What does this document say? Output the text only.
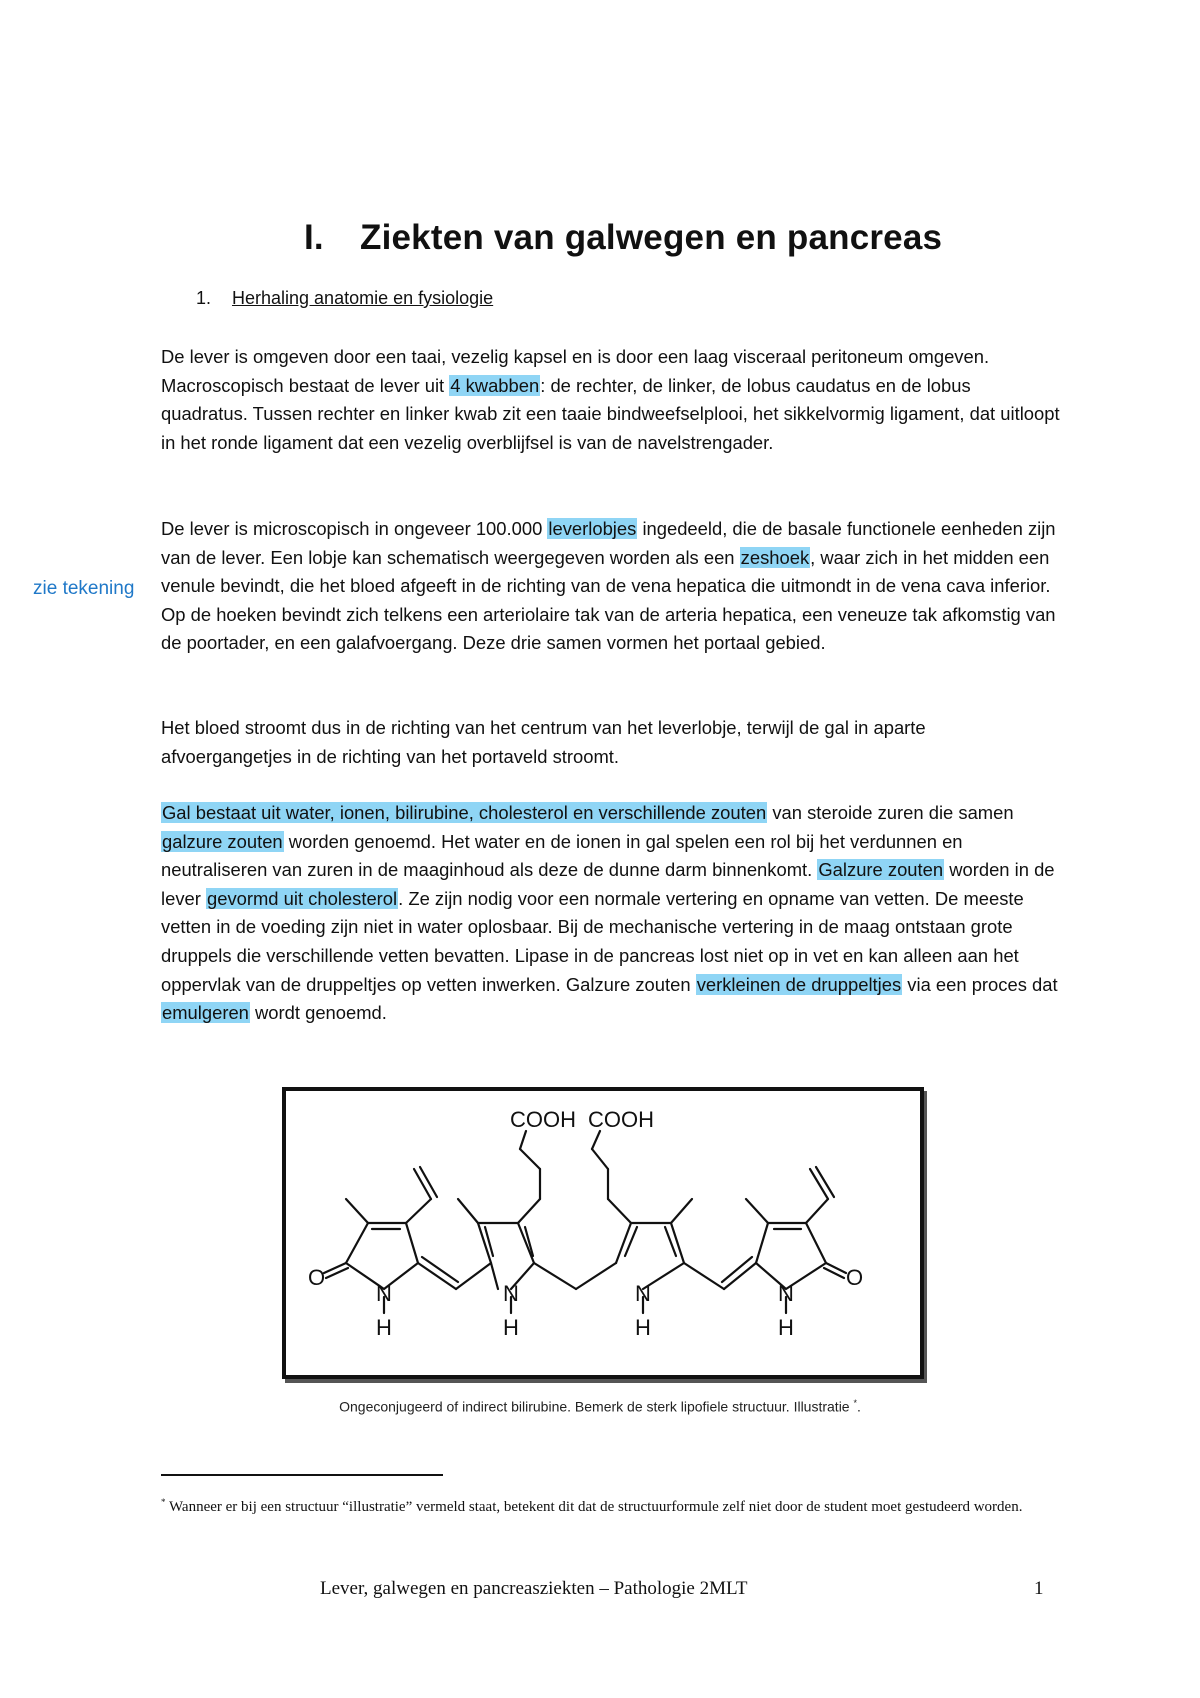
I. Ziekten van galwegen en pancreas
1. Herhaling anatomie en fysiologie
zie tekening

De lever is omgeven door een taai, vezelig kapsel en is door een laag visceraal peritoneum omgeven. Macroscopisch bestaat de lever uit 4 kwabben: de rechter, de linker, de lobus caudatus en de lobus quadratus. Tussen rechter en linker kwab zit een taaie bindweefselplooi, het sikkelvormig ligament, dat uitloopt in het ronde ligament dat een vezelig overblijfsel is van de navelstrengader.

De lever is microscopisch in ongeveer 100.000 leverlobjes ingedeeld, die de basale functionele eenheden zijn van de lever. Een lobje kan schematisch weergegeven worden als een zeshoek, waar zich in het midden een venule bevindt, die het bloed afgeeft in de richting van de vena hepatica die uitmondt in de vena cava inferior. Op de hoeken bevindt zich telkens een arteriolaire tak van de arteria hepatica, een veneuze tak afkomstig van de poortader, en een galafvoergang. Deze drie samen vormen het portaal gebied.

Het bloed stroomt dus in de richting van het centrum van het leverlobje, terwijl de gal in aparte afvoergangetjes in de richting van het portaveld stroomt.

Gal bestaat uit water, ionen, bilirubine, cholesterol en verschillende zouten van steroide zuren die samen galzure zouten worden genoemd. Het water en de ionen in gal spelen een rol bij het verdunnen en neutraliseren van zuren in de maaginhoud als deze de dunne darm binnenkomt. Galzure zouten worden in de lever gevormd uit cholesterol. Ze zijn nodig voor een normale vertering en opname van vetten. De meeste vetten in de voeding zijn niet in water oplosbaar. Bij de mechanische vertering in de maag ontstaan grote druppels die verschillende vetten bevatten. Lipase in de pancreas lost niet op in vet en kan alleen aan het oppervlak van de druppeltjes op vetten inwerken. Galzure zouten verkleinen de druppeltjes via een proces dat emulgeren wordt genoemd.

COOH COOH
O	O
N
H
N
H
N
H
N
H
Ongeconjugeerd of indirect bilirubine. Bemerk de sterk lipofiele structuur. Illustratie *.
* Wanneer er bij een structuur “illustratie” vermeld staat, betekent dit dat de structuurformule zelf niet door de student moet gestudeerd worden.
Lever, galwegen en pancreasziekten – Pathologie 2MLT	1
